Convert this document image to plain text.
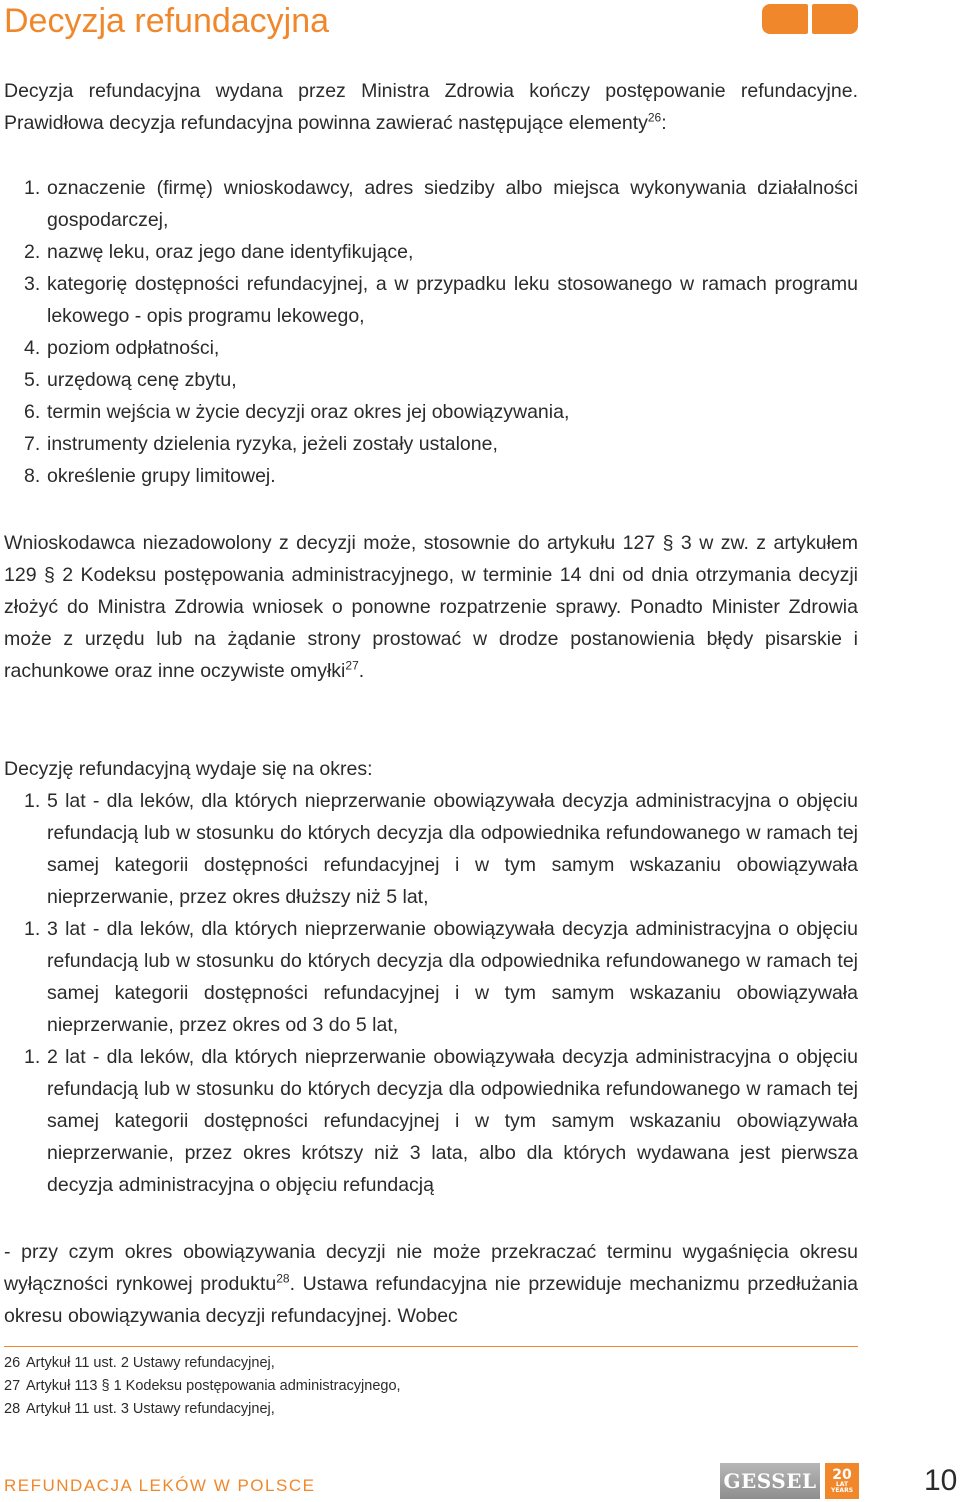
Decyzja refundacyjna

Decyzja refundacyjna wydana przez Ministra Zdrowia kończy postępowanie refundacyjne. Prawidłowa decyzja refundacyjna powinna zawierać następujące elementy$^{26}$:

1. oznaczenie (firmę) wnioskodawcy, adres siedziby albo miejsca wykonywania działalności gospodarczej,
2. nazwę leku, oraz jego dane identyfikujące,
3. kategorię dostępności refundacyjnej, a w przypadku leku stosowanego w ramach programu lekowego - opis programu lekowego,
4. poziom odpłatności,
5. urzędową cenę zbytu,
6. termin wejścia w życie decyzji oraz okres jej obowiązywania,
7. instrumenty dzielenia ryzyka, jeżeli zostały ustalone,
8. określenie grupy limitowej.

Wnioskodawca niezadowolony z decyzji może, stosownie do artykułu 127 § 3 w zw. z artykułem 129 § 2 Kodeksu postępowania administracyjnego, w terminie 14 dni od dnia otrzymania decyzji złożyć do Ministra Zdrowia wniosek o ponowne rozpatrzenie sprawy. Ponadto Minister Zdrowia może z urzędu lub na żądanie strony prostować w drodze postanowienia błędy pisarskie i rachunkowe oraz inne oczywiste omyłki$^{27}$.

Decyzję refundacyjną wydaje się na okres:

1. 5 lat - dla leków, dla których nieprzerwanie obowiązywała decyzja administracyjna o objęciu refundacją lub w stosunku do których decyzja dla odpowiednika refundowanego w ramach tej samej kategorii dostępności refundacyjnej i w tym samym wskazaniu obowiązywała nieprzerwanie, przez okres dłuższy niż 5 lat,
1. 3 lat - dla leków, dla których nieprzerwanie obowiązywała decyzja administracyjna o objęciu refundacją lub w stosunku do których decyzja dla odpowiednika refundowanego w ramach tej samej kategorii dostępności refundacyjnej i w tym samym wskazaniu obowiązywała nieprzerwanie, przez okres od 3 do 5 lat,
1. 2 lat - dla leków, dla których nieprzerwanie obowiązywała decyzja administracyjna o objęciu refundacją lub w stosunku do których decyzja dla odpowiednika refundowanego w ramach tej samej kategorii dostępności refundacyjnej i w tym samym wskazaniu obowiązywała nieprzerwanie, przez okres krótszy niż 3 lata, albo dla których wydawana jest pierwsza decyzja administracyjna o objęciu refundacją

- przy czym okres obowiązywania decyzji nie może przekraczać terminu wygaśnięcia okresu wyłączności rynkowej produktu$^{28}$. Ustawa refundacyjna nie przewiduje mechanizmu przedłużania okresu obowiązywania decyzji refundacyjnej. Wobec

26 Artykuł 11 ust. 2 Ustawy refundacyjnej,
27 Artykuł 113 § 1 Kodeksu postępowania administracyjnego,
28 Artykuł 11 ust. 3 Ustawy refundacyjnej,
REFUNDACJA LEKÓW W POLSCE	GESSEL 20
LAT
YEARS 10
